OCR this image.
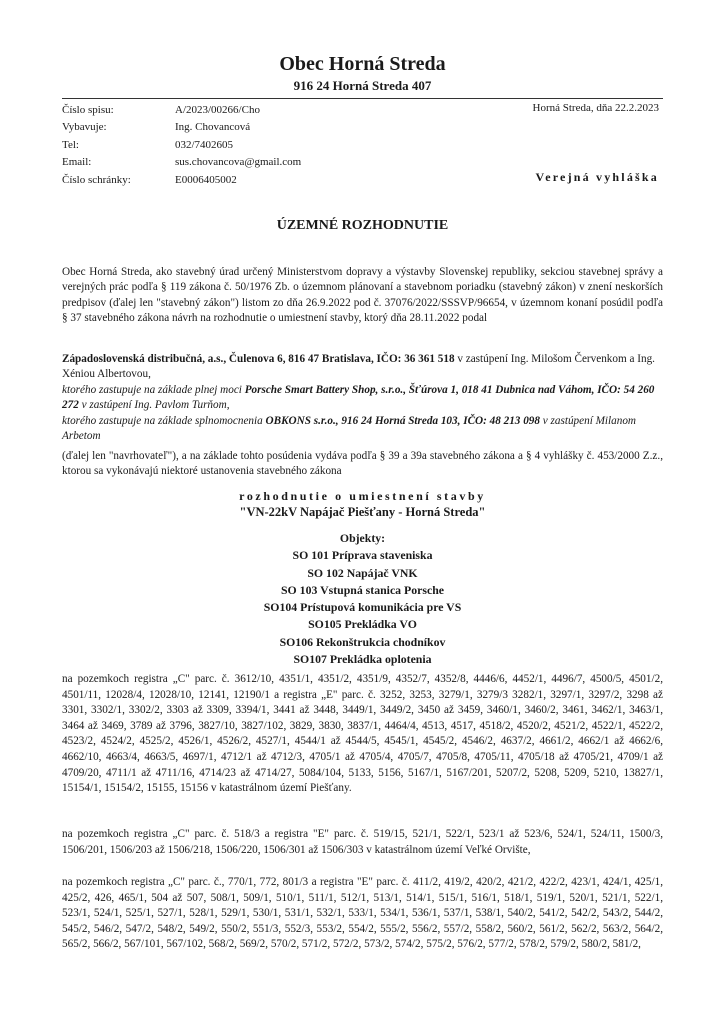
Obec Horná Streda
916 24 Horná Streda 407
Číslo spisu:	A/2023/00266/Cho
Vybavuje:	Ing. Chovancová
Tel:	032/7402605
Email:	sus.chovancova@gmail.com
Číslo schránky:	E0006405002
Horná Streda, dňa 22.2.2023
Verejná vyhláška
ÚZEMNÉ ROZHODNUTIE
Obec Horná Streda, ako stavebný úrad určený Ministerstvom dopravy a výstavby Slovenskej republiky, sekciou stavebnej správy a verejných prác podľa § 119 zákona č. 50/1976 Zb. o územnom plánovaní a stavebnom poriadku (stavebný zákon) v znení neskorších predpisov (ďalej len "stavebný zákon") listom zo dňa 26.9.2022 pod č. 37076/2022/SSSVP/96654, v územnom konaní posúdil podľa § 37 stavebného zákona návrh na rozhodnutie o umiestnení stavby, ktorý dňa 28.11.2022 podal
Západoslovenská distribučná, a.s., Čulenova 6, 816 47 Bratislava, IČO: 36 361 518 v zastúpení Ing. Milošom Červenkom a Ing. Xéniou Albertovou,
ktorého zastupuje na základe plnej moci Porsche Smart Battery Shop, s.r.o., Šťúrova 1, 018 41 Dubnica nad Váhom, IČO: 54 260 272 v zastúpení Ing. Pavlom Turňom,
ktorého zastupuje na základe splnomocnenia OBKONS s.r.o., 916 24 Horná Streda 103, IČO: 48 213 098 v zastúpení Milanom Arbetom
(ďalej len "navrhovateľ"), a na základe tohto posúdenia vydáva podľa § 39 a 39a stavebného zákona a § 4 vyhlášky č. 453/2000 Z.z., ktorou sa vykonávajú niektoré ustanovenia stavebného zákona
rozhodnutie o umiestnení stavby
"VN-22kV Napájač Piešťany - Horná Streda"
Objekty:
SO 101 Príprava staveniska
SO 102 Napájač VNK
SO 103 Vstupná stanica Porsche
SO104 Prístupová komunikácia pre VS
SO105 Prekládka VO
SO106 Rekonštrukcia chodníkov
SO107 Prekládka oplotenia
na pozemkoch registra „C" parc. č. 3612/10, 4351/1, 4351/2, 4351/9, 4352/7, 4352/8, 4446/6, 4452/1, 4496/7, 4500/5, 4501/2, 4501/11, 12028/4, 12028/10, 12141, 12190/1 a registra „E" parc. č. 3252, 3253, 3279/1, 3279/3 3282/1, 3297/1, 3297/2, 3298 až 3301, 3302/1, 3302/2, 3303 až 3309, 3394/1, 3441 až 3448, 3449/1, 3449/2, 3450 až 3459, 3460/1, 3460/2, 3461, 3462/1, 3463/1, 3464 až 3469, 3789 až 3796, 3827/10, 3827/102, 3829, 3830, 3837/1, 4464/4, 4513, 4517, 4518/2, 4520/2, 4521/2, 4522/1, 4522/2, 4523/2, 4524/2, 4525/2, 4526/1, 4526/2, 4527/1, 4544/1 až 4544/5, 4545/1, 4545/2, 4546/2, 4637/2, 4661/2, 4662/1 až 4662/6, 4662/10, 4663/4, 4663/5, 4697/1, 4712/1 až 4712/3, 4705/1 až 4705/4, 4705/7, 4705/8, 4705/11, 4705/18 až 4705/21, 4709/1 až 4709/20, 4711/1 až 4711/16, 4714/23 až 4714/27, 5084/104, 5133, 5156, 5167/1, 5167/201, 5207/2, 5208, 5209, 5210, 13827/1, 15154/1, 15154/2, 15155, 15156 v katastrálnom území Piešťany.
na pozemkoch registra „C" parc. č. 518/3 a registra "E" parc. č. 519/15, 521/1, 522/1, 523/1 až 523/6, 524/1, 524/11, 1500/3, 1506/201, 1506/203 až 1506/218, 1506/220, 1506/301 až 1506/303 v katastrálnom území Veľké Orvište,
na pozemkoch registra „C" parc. č., 770/1, 772, 801/3 a registra "E" parc. č. 411/2, 419/2, 420/2, 421/2, 422/2, 423/1, 424/1, 425/1, 425/2, 426, 465/1, 504 až 507, 508/1, 509/1, 510/1, 511/1, 512/1, 513/1, 514/1, 515/1, 516/1, 518/1, 519/1, 520/1, 521/1, 522/1, 523/1, 524/1, 525/1, 527/1, 528/1, 529/1, 530/1, 531/1, 532/1, 533/1, 534/1, 536/1, 537/1, 538/1, 540/2, 541/2, 542/2, 543/2, 544/2, 545/2, 546/2, 547/2, 548/2, 549/2, 550/2, 551/3, 552/3, 553/2, 554/2, 555/2, 556/2, 557/2, 558/2, 560/2, 561/2, 562/2, 563/2, 564/2, 565/2, 566/2, 567/101, 567/102, 568/2, 569/2, 570/2, 571/2, 572/2, 573/2, 574/2, 575/2, 576/2, 577/2, 578/2, 579/2, 580/2, 581/2,
